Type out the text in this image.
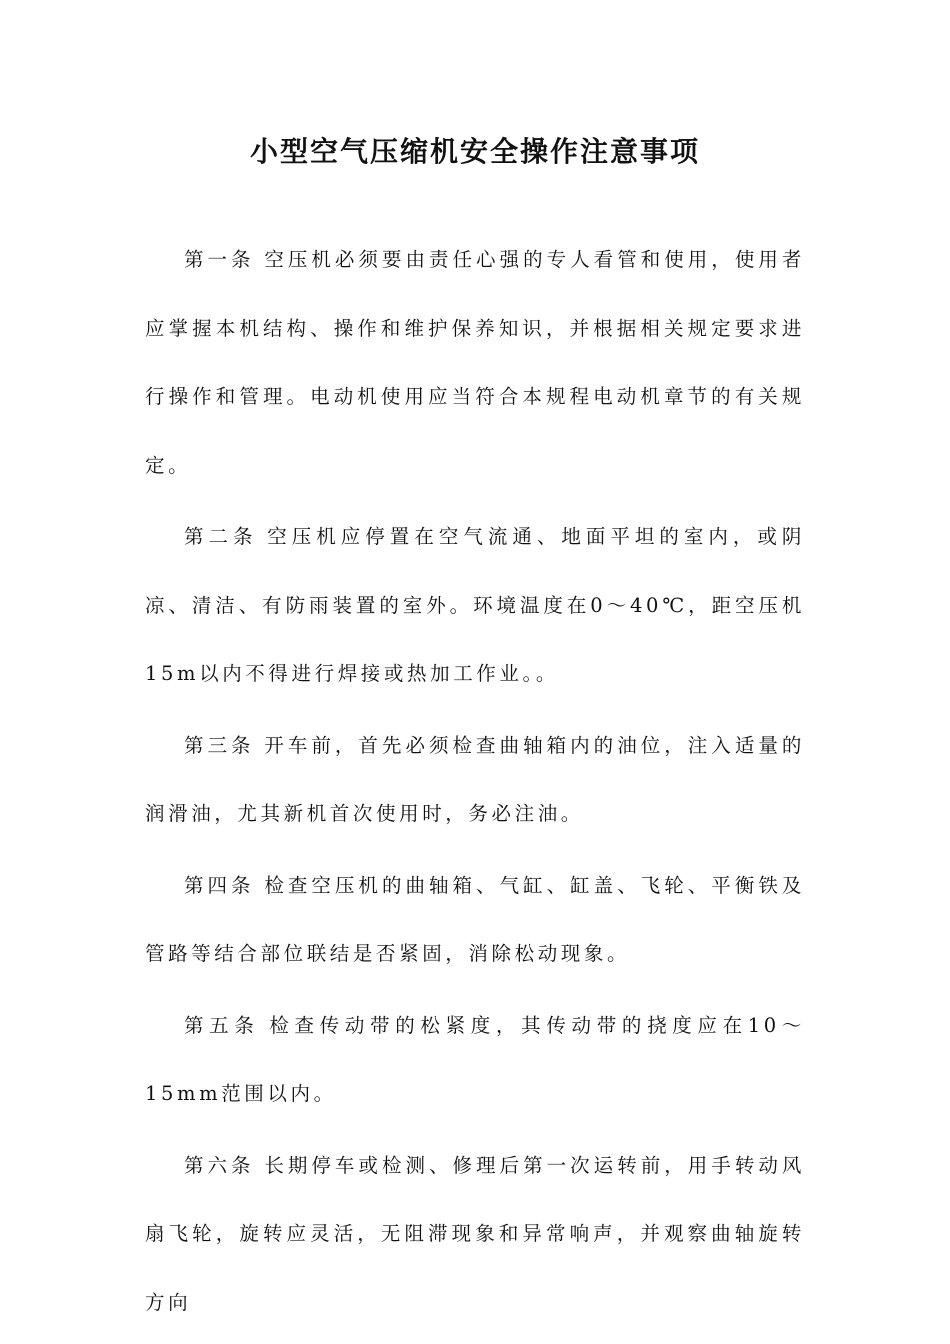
小型空气压缩机安全操作注意事项

第一条 空压机必须要由责任心强的专人看管和使用，使用者应掌握本机结构、操作和维护保养知识，并根据相关规定要求进行操作和管理。电动机使用应当符合本规程电动机章节的有关规定。

第二条 空压机应停置在空气流通、地面平坦的室内，或阴凉、清洁、有防雨装置的室外。环境温度在0～40℃，距空压机15m以内不得进行焊接或热加工作业。。

第三条 开车前，首先必须检查曲轴箱内的油位，注入适量的润滑油，尤其新机首次使用时，务必注油。

第四条 检查空压机的曲轴箱、气缸、缸盖、飞轮、平衡铁及管路等结合部位联结是否紧固，消除松动现象。

第五条 检查传动带的松紧度，其传动带的挠度应在10～15mm范围以内。

第六条 长期停车或检测、修理后第一次运转前，用手转动风扇飞轮，旋转应灵活，无阻滞现象和异常响声，并观察曲轴旋转方向
